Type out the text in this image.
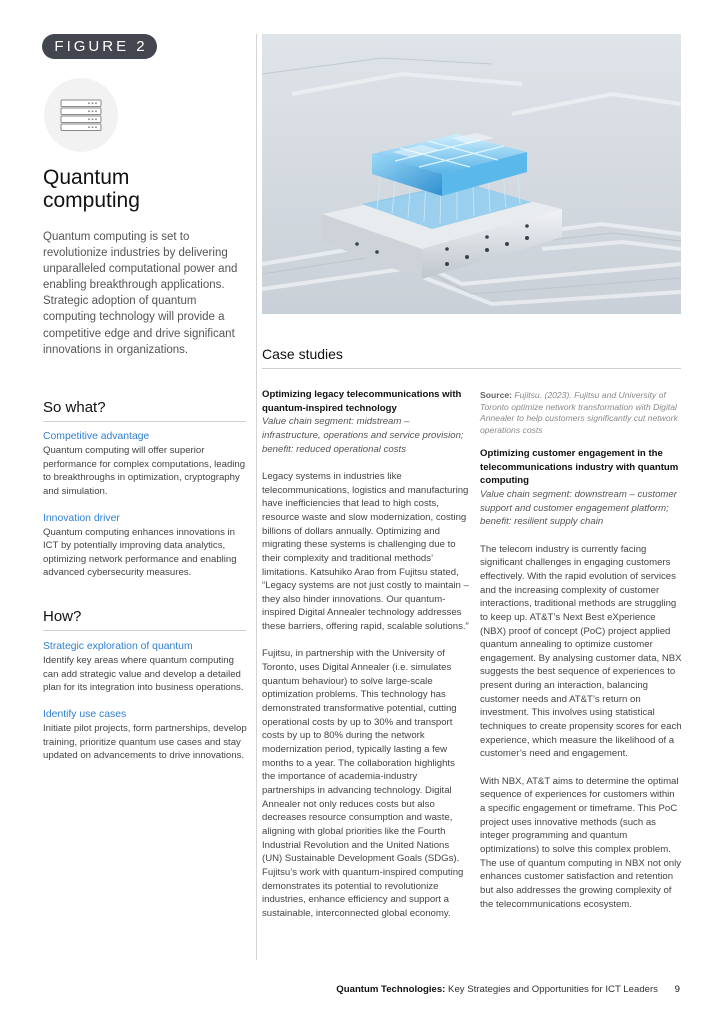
FIGURE 2
Quantum
computing
Quantum computing is set to revolutionize industries by delivering unparalleled computational power and enabling breakthrough applications. Strategic adoption of quantum computing technology will provide a competitive edge and drive significant innovations in organizations.
So what?
Competitive advantage
Quantum computing will offer superior performance for complex computations, leading to breakthroughs in optimization, cryptography and simulation.
Innovation driver
Quantum computing enhances innovations in ICT by potentially improving data analytics, optimizing network performance and enabling advanced cybersecurity measures.
How?
Strategic exploration of quantum
Identify key areas where quantum computing can add strategic value and develop a detailed plan for its integration into business operations.
Identify use cases
Initiate pilot projects, form partnerships, develop training, prioritize quantum use cases and stay updated on advancements to drive innovations.
Case studies

Optimizing legacy telecommunications with quantum-inspired technology

Value chain segment: midstream – infrastructure, operations and service provision; benefit: reduced operational costs

Legacy systems in industries like telecommunications, logistics and manufacturing have inefficiencies that lead to high costs, resource waste and slow modernization, costing billions of dollars annually. Optimizing and migrating these systems is challenging due to their complexity and traditional methods’ limitations. Katsuhiko Arao from Fujitsu stated, “Legacy systems are not just costly to maintain – they also hinder innovations. Our quantum-inspired Digital Annealer technology addresses these barriers, offering rapid, scalable solutions.”

Fujitsu, in partnership with the University of Toronto, uses Digital Annealer (i.e. simulates quantum behaviour) to solve large-scale optimization problems. This technology has demonstrated transformative potential, cutting operational costs by up to 30% and transport costs by up to 80% during the network modernization period, typically lasting a few months to a year. The collaboration highlights the importance of academia-industry partnerships in advancing technology. Digital Annealer not only reduces costs but also decreases resource consumption and waste, aligning with global priorities like the Fourth Industrial Revolution and the United Nations (UN) Sustainable Development Goals (SDGs). Fujitsu’s work with quantum-inspired computing demonstrates its potential to revolutionize industries, enhance efficiency and support a sustainable, interconnected global economy.

Source: Fujitsu. (2023). Fujitsu and University of Toronto optimize network transformation with Digital Annealer to help customers significantly cut network operations costs

Optimizing customer engagement in the telecommunications industry with quantum computing

Value chain segment: downstream – customer support and customer engagement platform; benefit: resilient supply chain

The telecom industry is currently facing significant challenges in engaging customers effectively. With the rapid evolution of services and the increasing complexity of customer interactions, traditional methods are struggling to keep up. AT&T’s Next Best eXperience (NBX) proof of concept (PoC) project applied quantum annealing to optimize customer engagement. By analysing customer data, NBX suggests the best sequence of experiences to present during an interaction, balancing customer needs and AT&T’s return on investment. This involves using statistical techniques to create propensity scores for each experience, which measure the likelihood of a customer’s need and engagement.

With NBX, AT&T aims to determine the optimal sequence of experiences for customers within a specific engagement or timeframe. This PoC project uses innovative methods (such as integer programming and quantum optimizations) to solve this complex problem. The use of quantum computing in NBX not only enhances customer satisfaction and retention but also addresses the growing complexity of the telecommunications ecosystem.

Quantum Technologies: Key Strategies and Opportunities for ICT Leaders 9
